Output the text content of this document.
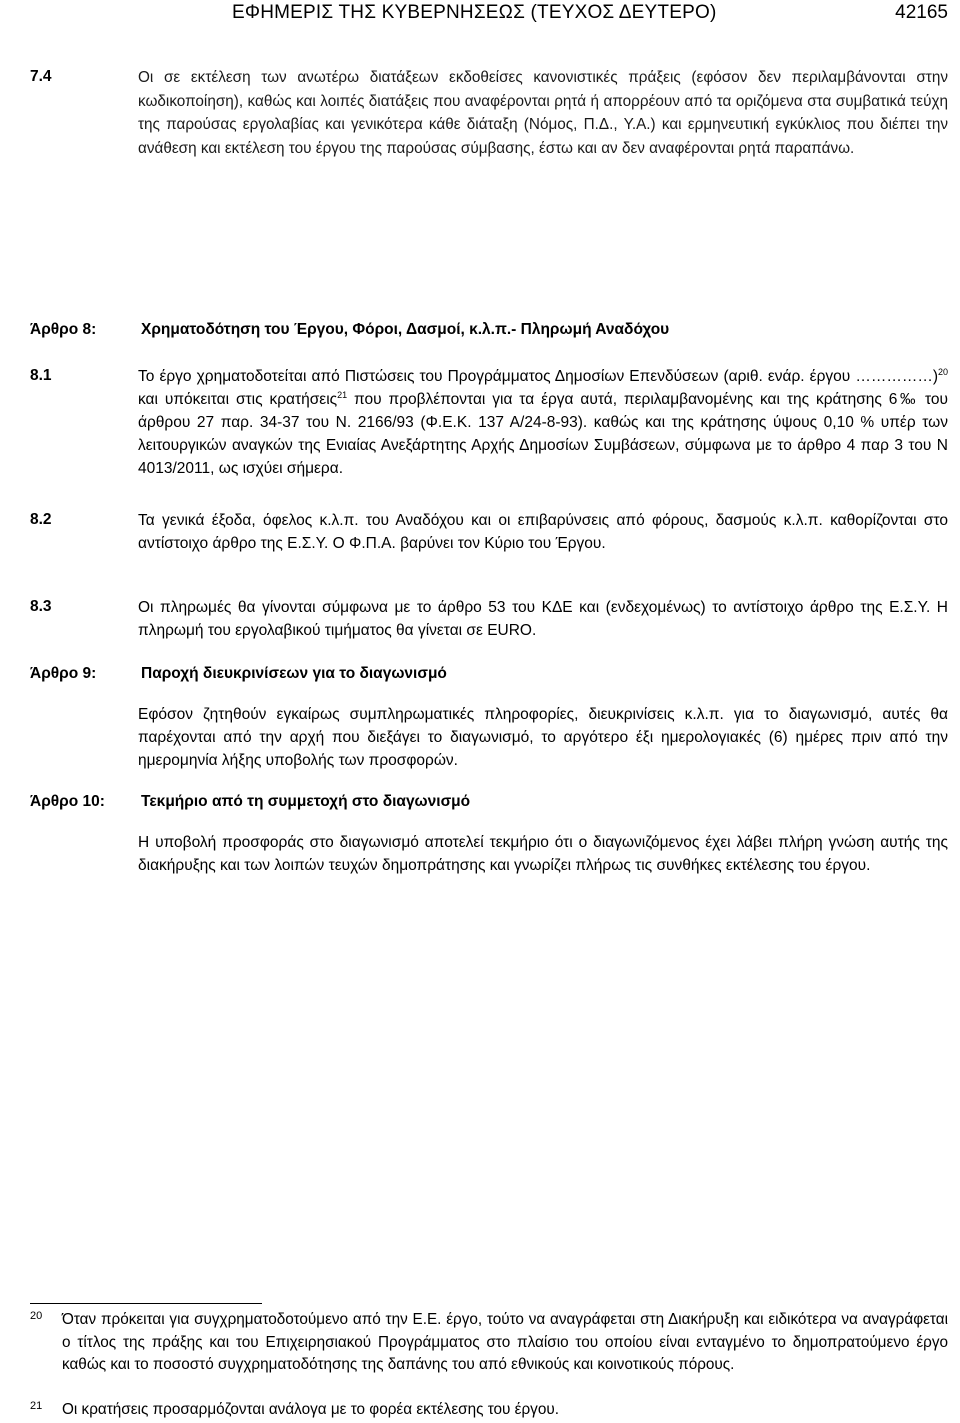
ΕΦΗΜΕΡΙΣ ΤΗΣ ΚΥΒΕΡΝΗΣΕΩΣ (ΤΕΥΧΟΣ ΔΕΥΤΕΡΟ)	42165
7.4	Οι σε εκτέλεση των ανωτέρω διατάξεων εκδοθείσες κανονιστικές πράξεις (εφόσον δεν περιλαμβάνονται στην κωδικοποίηση), καθώς και λοιπές διατάξεις που αναφέρονται ρητά ή απορρέουν από τα οριζόμενα στα συμβατικά τεύχη της παρούσας εργολαβίας και γενικότερα κάθε διάταξη (Νόμος, Π.Δ., Υ.Α.) και ερμηνευτική εγκύκλιος που διέπει την ανάθεση και εκτέλεση του έργου της παρούσας σύμβασης, έστω και αν δεν αναφέρονται ρητά παραπάνω.
Άρθρο 8:	Χρηματοδότηση του Έργου, Φόροι, Δασμοί, κ.λ.π.- Πληρωμή Αναδόχου
8.1	Το έργο χρηματοδοτείται από Πιστώσεις του Προγράμματος Δημοσίων Επενδύσεων (αριθ. ενάρ. έργου ……………)$^{20}$ και υπόκειται στις κρατήσεις$^{21}$ που προβλέπονται για τα έργα αυτά, περιλαμβανομένης και της κράτησης 6‰ του άρθρου 27 παρ. 34-37 του Ν. 2166/93 (Φ.Ε.Κ. 137 Α/24-8-93). καθώς και της κράτησης ύψους 0,10 % υπέρ των λειτουργικών αναγκών της Ενιαίας Ανεξάρτητης Αρχής Δημοσίων Συμβάσεων, σύμφωνα με το άρθρο 4 παρ 3 του Ν 4013/2011, ως ισχύει σήμερα.
8.2	Τα γενικά έξοδα, όφελος κ.λ.π. του Αναδόχου και οι επιβαρύνσεις από φόρους, δασμούς κ.λ.π. καθορίζονται στο αντίστοιχο άρθρο της Ε.Σ.Υ. Ο Φ.Π.Α. βαρύνει τον Κύριο του Έργου.
8.3	Οι πληρωμές θα γίνονται σύμφωνα με το άρθρο 53 του ΚΔΕ και (ενδεχομένως) το αντίστοιχο άρθρο της Ε.Σ.Υ. Η πληρωμή του εργολαβικού τιμήματος θα γίνεται σε EURO.
Άρθρο 9:	Παροχή διευκρινίσεων για το διαγωνισμό
Εφόσον ζητηθούν εγκαίρως συμπληρωματικές πληροφορίες, διευκρινίσεις κ.λ.π. για το διαγωνισμό, αυτές θα παρέχονται από την αρχή που διεξάγει το διαγωνισμό, το αργότερο έξι ημερολογιακές (6) ημέρες πριν από την ημερομηνία λήξης υποβολής των προσφορών.
Άρθρο 10: Τεκμήριο από τη συμμετοχή στο διαγωνισμό
Η υποβολή προσφοράς στο διαγωνισμό αποτελεί τεκμήριο ότι ο διαγωνιζόμενος έχει λάβει πλήρη γνώση αυτής της διακήρυξης και των λοιπών τευχών δημοπράτησης και γνωρίζει πλήρως τις συνθήκες εκτέλεσης του έργου.
20 Όταν πρόκειται για συγχρηματοδοτούμενο από την Ε.Ε. έργο, τούτο να αναγράφεται στη Διακήρυξη και ειδικότερα να αναγράφεται ο τίτλος της πράξης και του Επιχειρησιακού Προγράμματος στο πλαίσιο του οποίου είναι ενταγμένο το δημοπρατούμενο έργο καθώς και το ποσοστό συγχρηματοδότησης της δαπάνης του από εθνικούς και κοινοτικούς πόρους.
21 Οι κρατήσεις προσαρμόζονται ανάλογα με το φορέα εκτέλεσης του έργου.
